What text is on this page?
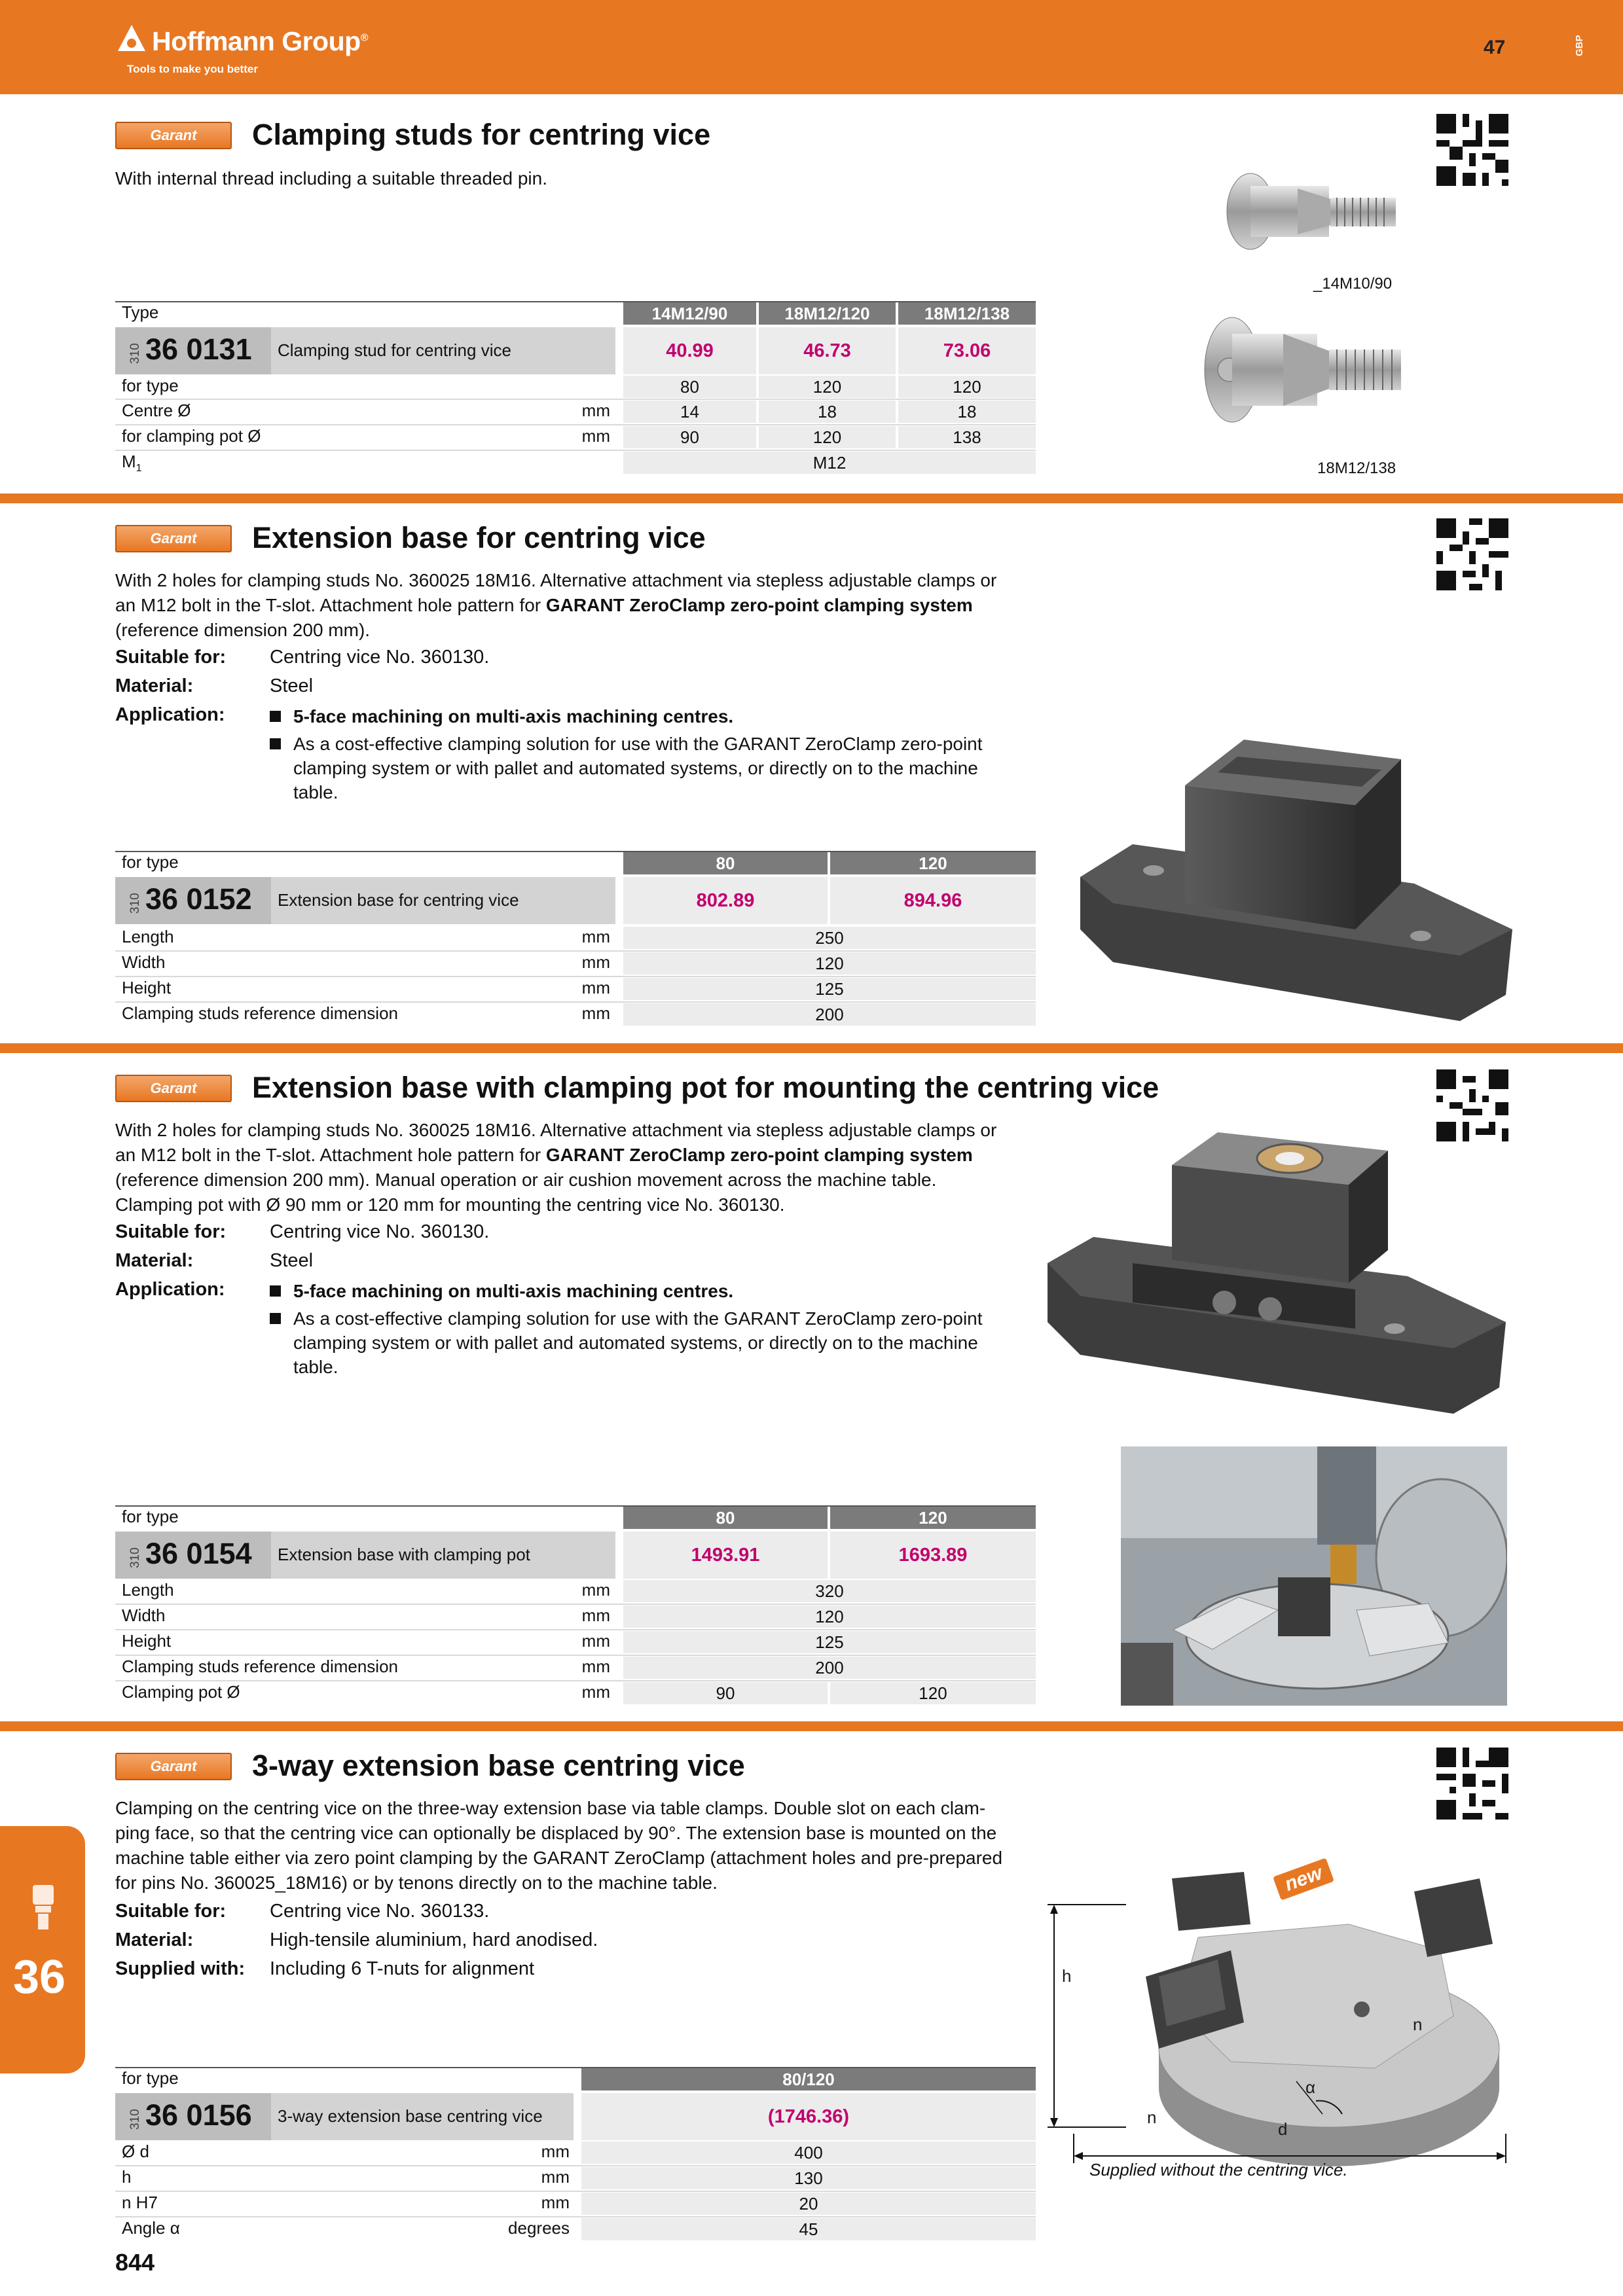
Hoffmann Group®
Tools to make you better
47	GBP
36
Garant	Clamping studs for centring vice
With internal thread including a suitable threaded pin.
_14M10/90
18M12/138
Type	14M12/90	18M12/120	18M12/138
310 36 0131 Clamping stud for centring vice	40.99	46.73	73.06
for type	80	120	120
Centre Ø	mm	14	18	18
for clamping pot Ø	mm	90	120	138
$M_1$	M12
Garant	Extension base for centring vice
With 2 holes for clamping studs No. 360025 18M16. Alternative attachment via stepless adjustable clamps or
an M12 bolt in the T-slot. Attachment hole pattern for GARANT ZeroClamp zero-point clamping system
(reference dimension 200 mm).
Suitable for: Centring vice No. 360130.
Material:	Steel
Application:	5-face machining on multi-axis machining centres.
As a cost-effective clamping solution for use with the GARANT ZeroClamp zero-point
clamping system or with pallet and automated systems, or directly on to the machine
table.
for type	80	120
310 36 0152 Extension base for centring vice	802.89	894.96
Length	mm	250
Width	mm	120
Height	mm	125
Clamping studs reference dimension	mm	200
Garant	Extension base with clamping pot for mounting the centring vice
With 2 holes for clamping studs No. 360025 18M16. Alternative attachment via stepless adjustable clamps or
an M12 bolt in the T-slot. Attachment hole pattern for GARANT ZeroClamp zero-point clamping system
(reference dimension 200 mm). Manual operation or air cushion movement across the machine table.
Clamping pot with Ø 90 mm or 120 mm for mounting the centring vice No. 360130.
Suitable for: Centring vice No. 360130.
Material:	Steel
Application:	5-face machining on multi-axis machining centres.
As a cost-effective clamping solution for use with the GARANT ZeroClamp zero-point
clamping system or with pallet and automated systems, or directly on to the machine
table.
for type	80	120
310 36 0154 Extension base with clamping pot	1493.91	1693.89
Length	mm	320
Width	mm	120
Height	mm	125
Clamping studs reference dimension	mm	200
Clamping pot Ø	mm	90	120
Garant	3-way extension base centring vice
Clamping on the centring vice on the three-way extension base via table clamps. Double slot on each clam-
ping face, so that the centring vice can optionally be displaced by 90°. The extension base is mounted on the
machine table either via zero point clamping by the GARANT ZeroClamp (attachment holes and pre-prepared
for pins No. 360025_18M16) or by tenons directly on to the machine table.
Suitable for: Centring vice No. 360133.
Material:	High-tensile aluminium, hard anodised.
Supplied with: Including 6 T-nuts for alignment
new
h
n
n
α
d
Supplied without the centring vice.
for type	80/120
310 36 0156 3-way extension base centring vice	(1746.36)
Ø d	mm	400
h	mm	130
n H7	mm	20
Angle α	degrees	45
844
